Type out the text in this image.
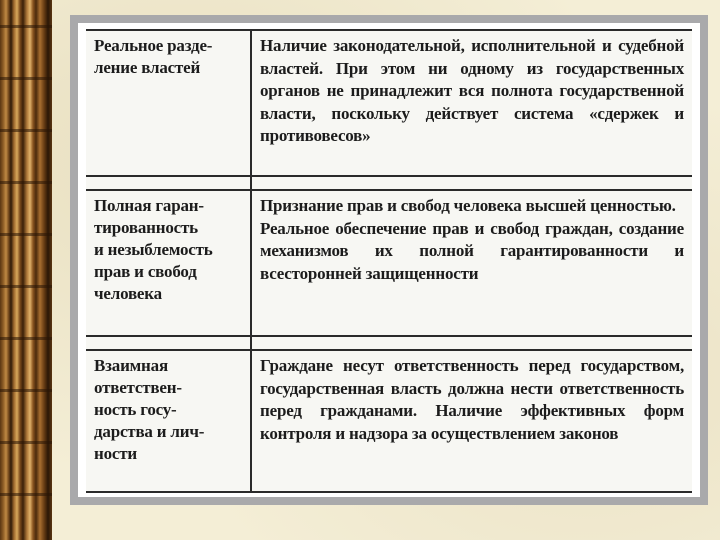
Реальное разде-
ление властей
Наличие законодательной, исполнительной и судебной властей. При этом ни одному из государственных органов не принадлежит вся полнота государственной власти, поскольку действует система «сдержек и противовесов»
Полная гаран-
тированность
и незыблемость
прав и свобод
человека
Признание прав и свобод человека высшей ценностью.
Реальное обеспечение прав и свобод граждан, создание механизмов их полной гарантированности и всесторонней защищенности
Взаимная
ответствен-
ность госу-
дарства и лич-
ности
Граждане несут ответственность перед государством, государственная власть должна нести ответственность перед гражданами. Наличие эффективных форм контроля и надзора за осуществлением законов
